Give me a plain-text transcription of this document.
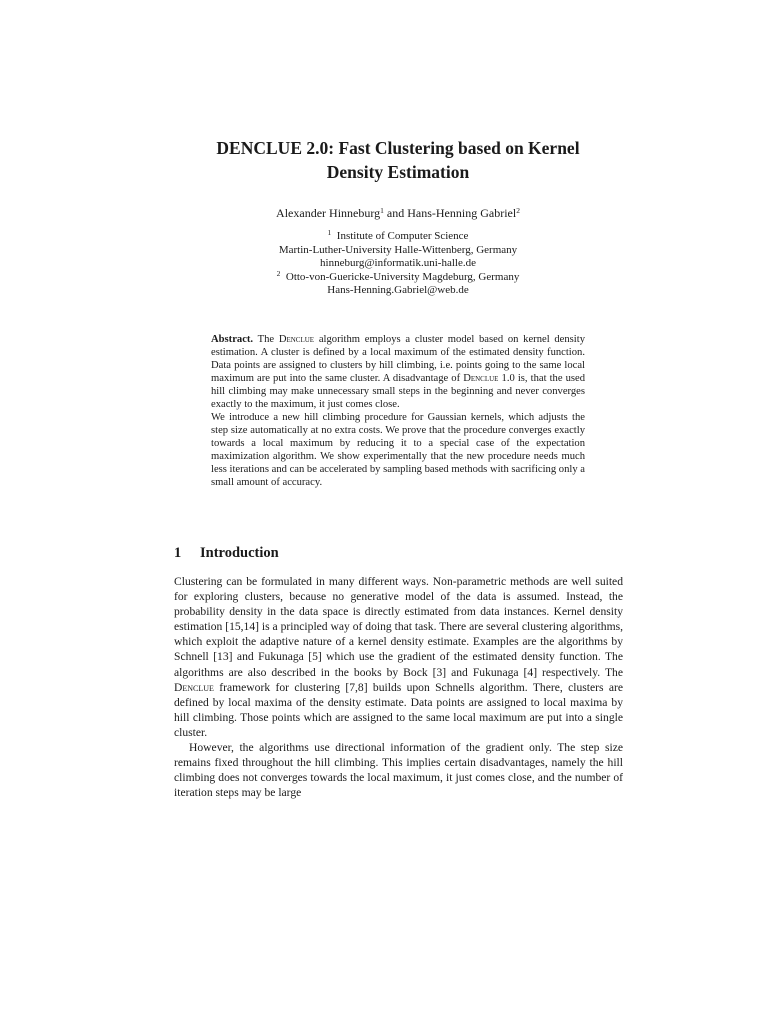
DENCLUE 2.0: Fast Clustering based on Kernel
Density Estimation
Alexander Hinneburg$^1$ and Hans-Henning Gabriel$^2$
$^1$ Institute of Computer Science
Martin-Luther-University Halle-Wittenberg, Germany
hinneburg@informatik.uni-halle.de
$^2$ Otto-von-Guericke-University Magdeburg, Germany
Hans-Henning.Gabriel@web.de

Abstract. The Denclue algorithm employs a cluster model based on kernel density estimation. A cluster is defined by a local maximum of the estimated density function. Data points are assigned to clusters by hill climbing, i.e. points going to the same local maximum are put into the same cluster. A disadvantage of Denclue 1.0 is, that the used hill climbing may make unnecessary small steps in the beginning and never converges exactly to the maximum, it just comes close.

We introduce a new hill climbing procedure for Gaussian kernels, which adjusts the step size automatically at no extra costs. We prove that the procedure converges exactly towards a local maximum by reducing it to a special case of the expectation maximization algorithm. We show experimentally that the new procedure needs much less iterations and can be accelerated by sampling based methods with sacrificing only a small amount of accuracy.

1 Introduction

Clustering can be formulated in many different ways. Non-parametric methods are well suited for exploring clusters, because no generative model of the data is assumed. Instead, the probability density in the data space is directly estimated from data instances. Kernel density estimation [15,14] is a principled way of doing that task. There are several clustering algorithms, which exploit the adaptive nature of a kernel density estimate. Examples are the algorithms by Schnell [13] and Fukunaga [5] which use the gradient of the estimated density function. The algorithms are also described in the books by Bock [3] and Fukunaga [4] respectively. The Denclue framework for clustering [7,8] builds upon Schnells algorithm. There, clusters are defined by local maxima of the density estimate. Data points are assigned to local maxima by hill climbing. Those points which are assigned to the same local maximum are put into a single cluster.

However, the algorithms use directional information of the gradient only. The step size remains fixed throughout the hill climbing. This implies certain disadvantages, namely the hill climbing does not converges towards the local maximum, it just comes close, and the number of iteration steps may be large
